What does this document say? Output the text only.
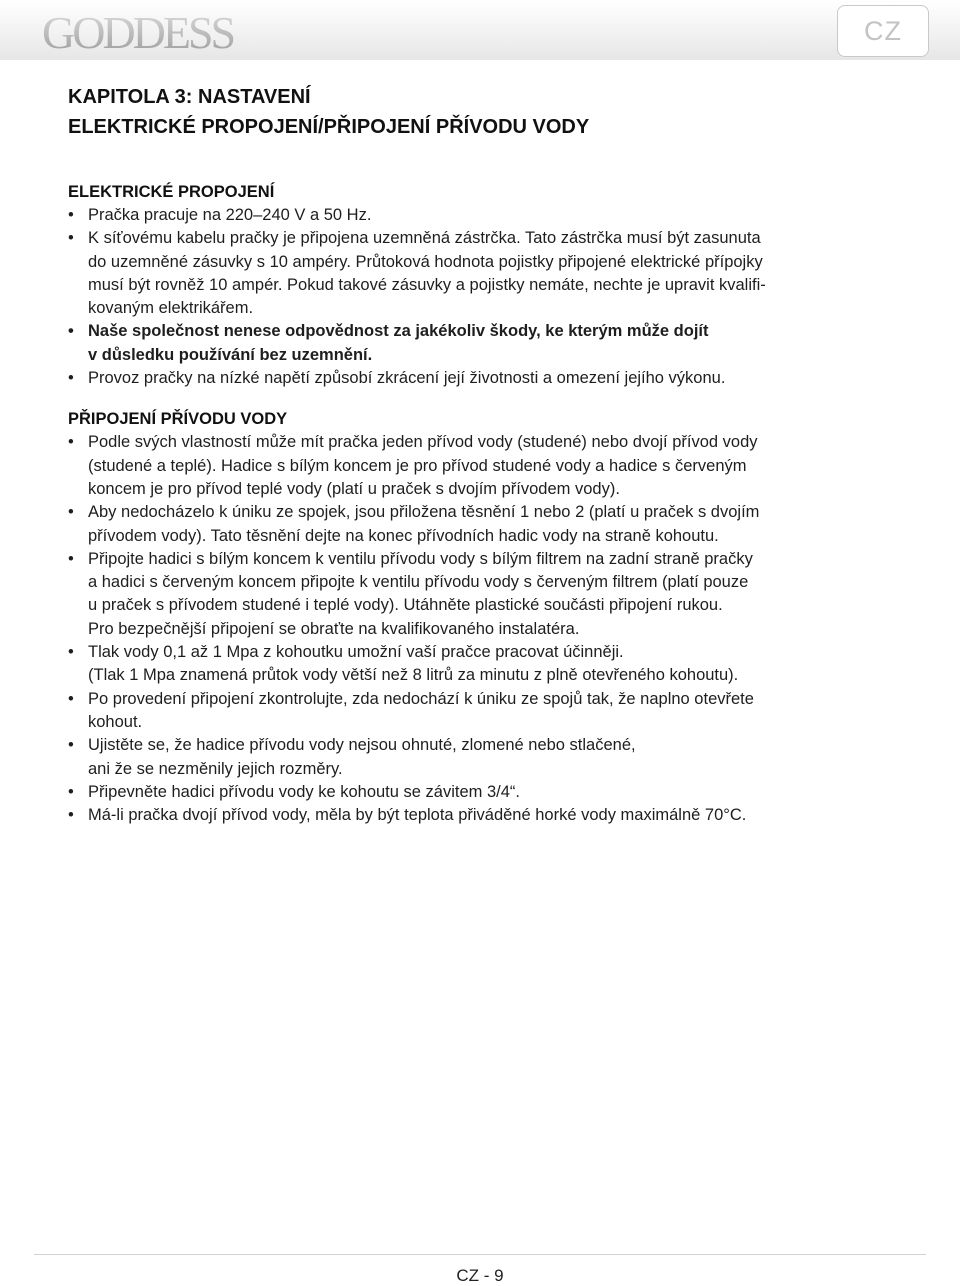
GODDESS	CZ
KAPITOLA 3: NASTAVENÍ
ELEKTRICKÉ PROPOJENÍ/PŘIPOJENÍ PŘÍVODU VODY
ELEKTRICKÉ PROPOJENÍ
• Pračka pracuje na 220–240 V a 50 Hz.
• K síťovému kabelu pračky je připojena uzemněná zástrčka. Tato zástrčka musí být zasunuta
do uzemněné zásuvky s 10 ampéry. Průtoková hodnota pojistky připojené elektrické přípojky
musí být rovněž 10 ampér. Pokud takové zásuvky a pojistky nemáte, nechte je upravit kvalifi-
kovaným elektrikářem.
• Naše společnost nenese odpovědnost za jakékoliv škody, ke kterým může dojít
v důsledku používání bez uzemnění.
• Provoz pračky na nízké napětí způsobí zkrácení její životnosti a omezení jejího výkonu.
PŘIPOJENÍ PŘÍVODU VODY
• Podle svých vlastností může mít pračka jeden přívod vody (studené) nebo dvojí přívod vody
(studené a teplé). Hadice s bílým koncem je pro přívod studené vody a hadice s červeným
koncem je pro přívod teplé vody (platí u praček s dvojím přívodem vody).
• Aby nedocházelo k úniku ze spojek, jsou přiložena těsnění 1 nebo 2 (platí u praček s dvojím
přívodem vody). Tato těsnění dejte na konec přívodních hadic vody na straně kohoutu.
• Připojte hadici s bílým koncem k ventilu přívodu vody s bílým filtrem na zadní straně pračky
a hadici s červeným koncem připojte k ventilu přívodu vody s červeným filtrem (platí pouze
u praček s přívodem studené i teplé vody). Utáhněte plastické součásti připojení rukou.
Pro bezpečnější připojení se obraťte na kvalifikovaného instalatéra.
• Tlak vody 0,1 až 1 Mpa z kohoutku umožní vaší pračce pracovat účinněji.
(Tlak 1 Mpa znamená průtok vody větší než 8 litrů za minutu z plně otevřeného kohoutu).
• Po provedení připojení zkontrolujte, zda nedochází k úniku ze spojů tak, že naplno otevřete
kohout.
• Ujistěte se, že hadice přívodu vody nejsou ohnuté, zlomené nebo stlačené,
ani že se nezměnily jejich rozměry.
• Připevněte hadici přívodu vody ke kohoutu se závitem 3/4“.
• Má-li pračka dvojí přívod vody, měla by být teplota přiváděné horké vody maximálně 70°C.
CZ - 9
